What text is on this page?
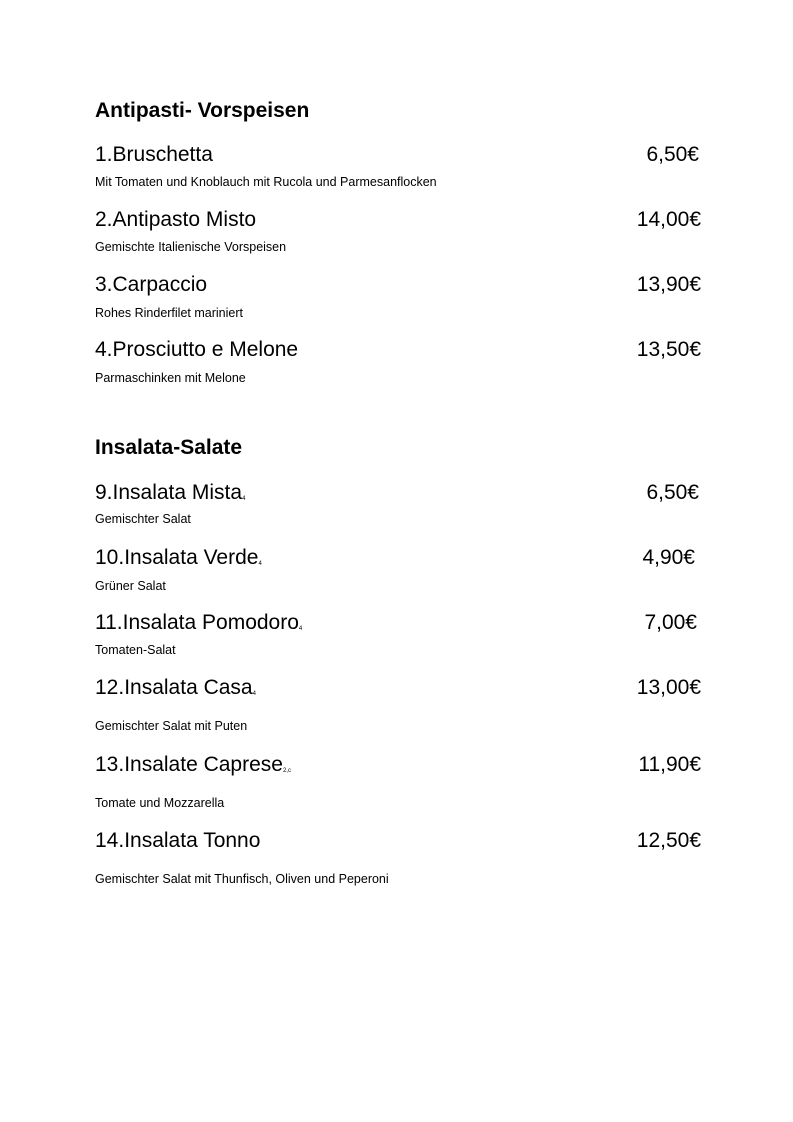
Antipasti- Vorspeisen
1.Bruschetta	6,50€
Mit Tomaten und Knoblauch mit Rucola und Parmesanflocken
2.Antipasto Misto	14,00€
Gemischte Italienische Vorspeisen
3.Carpaccio	13,90€
Rohes Rinderfilet mariniert
4.Prosciutto e Melone	13,50€
Parmaschinken mit Melone
Insalata-Salate
9.Insalata Mista$_4$	6,50€
Gemischter Salat
10.Insalata Verde$_4$	4,90€
Grüner Salat
11.Insalata Pomodoro$_4$	7,00€
Tomaten-Salat
12.Insalata Casa$_4$	13,00€
Gemischter Salat mit Puten
13.Insalate Caprese$_{2,c}$	11,90€
Tomate und Mozzarella
14.Insalata Tonno	12,50€
Gemischter Salat mit Thunfisch, Oliven und Peperoni
